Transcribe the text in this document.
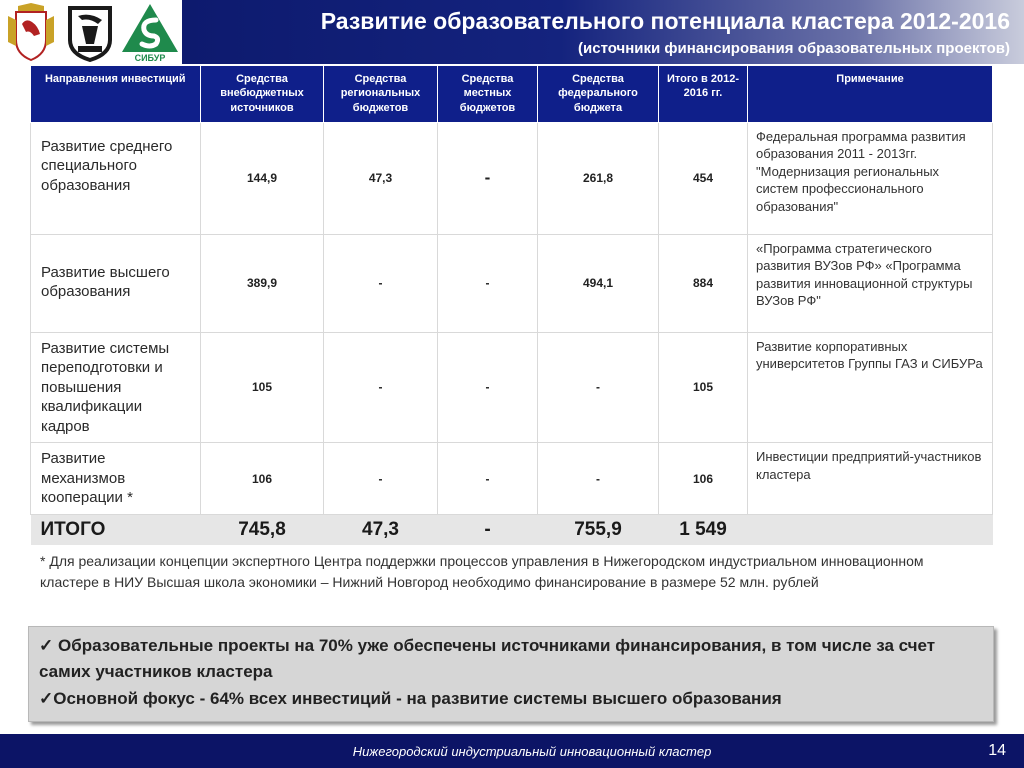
СИБУР
Развитие образовательного потенциала кластера 2012-2016
(источники финансирования образовательных проектов)
Направления инвестиций	Средства внебюджетных источников	Средства региональных бюджетов	Средства местных бюджетов	Средства федерального бюджета	Итого в 2012-2016 гг.	Примечание
Развитие среднего специального образования	144,9	47,3	-	261,8	454	Федеральная программа развития образования 2011 - 2013гг. "Модернизация региональных систем профессионального образования"
Развитие высшего образования	389,9	-	-	494,1	884	«Программа стратегического развития ВУЗов РФ» «Программа развития инновационной структуры ВУЗов РФ"
Развитие системы переподготовки и повышения квалификации кадров	105	-	-	-	105	Развитие корпоративных университетов Группы ГАЗ и СИБУРа
Развитие механизмов кооперации *	106	-	-	-	106	Инвестиции предприятий-участников кластера
ИТОГО	745,8	47,3	-	755,9	1 549	
* Для реализации концепции экспертного Центра поддержки процессов управления в Нижегородском индустриальном инновационном кластере в НИУ Высшая школа экономики – Нижний Новгород необходимо финансирование в размере 52 млн. рублей

✓ Образовательные проекты на 70% уже обеспечены источниками финансирования, в том числе за счет самих участников кластера

✓Основной фокус - 64% всех инвестиций - на развитие системы высшего образования

Нижегородский индустриальный инновационный кластер	14
